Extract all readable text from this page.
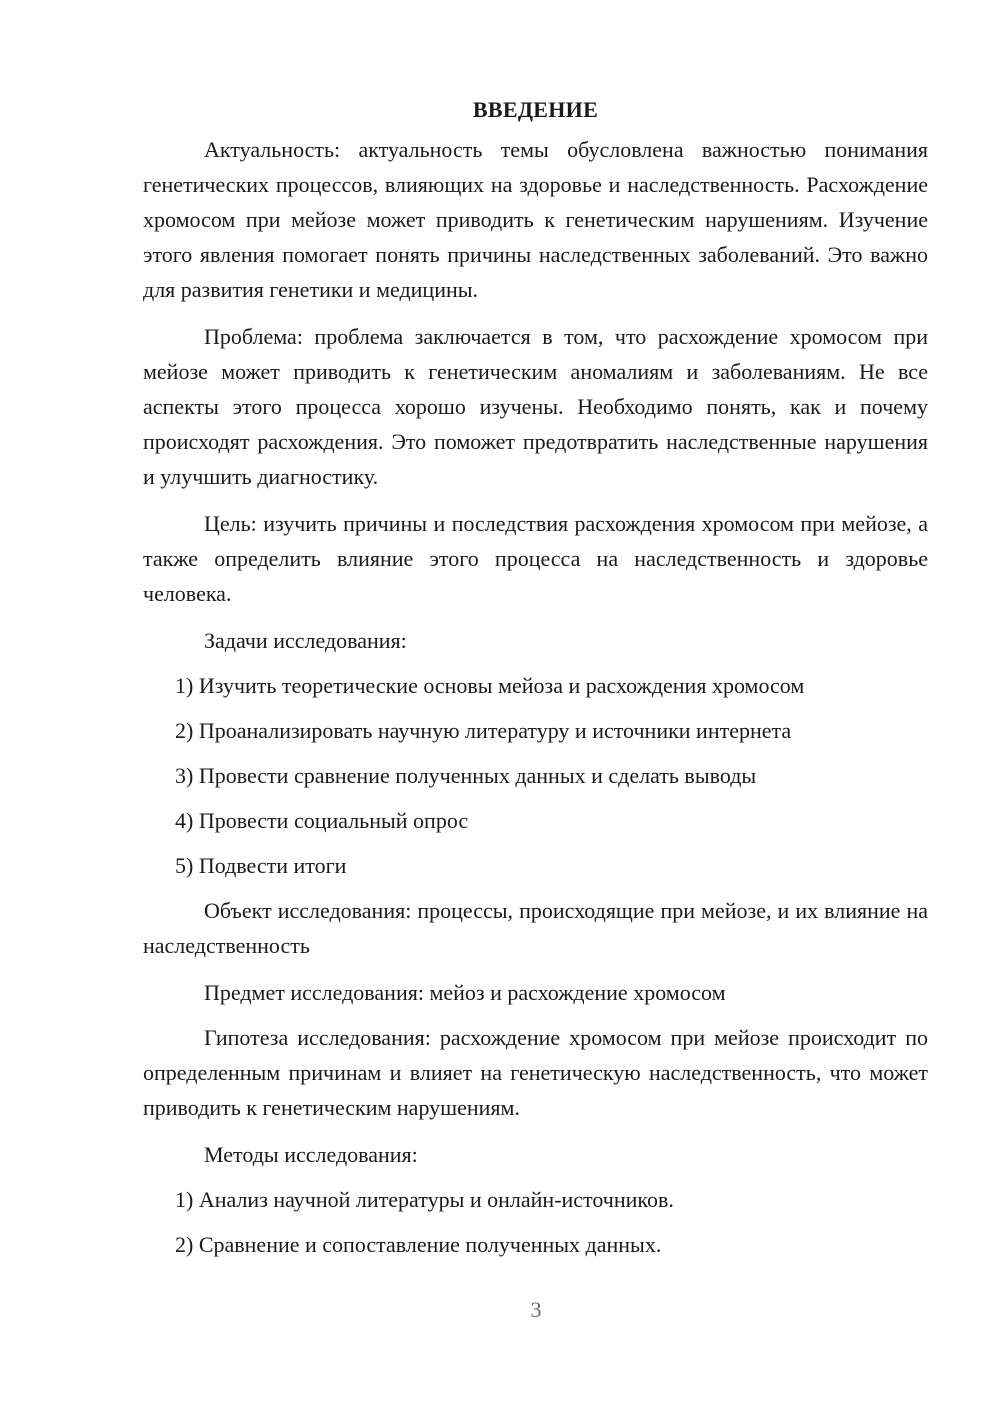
ВВЕДЕНИЕ

Актуальность: актуальность темы обусловлена важностью понимания генетических процессов, влияющих на здоровье и наследственность. Расхождение хромосом при мейозе может приводить к генетическим нарушениям. Изучение этого явления помогает понять причины наследственных заболеваний. Это важно для развития генетики и медицины.

Проблема: проблема заключается в том, что расхождение хромосом при мейозе может приводить к генетическим аномалиям и заболеваниям. Не все аспекты этого процесса хорошо изучены. Необходимо понять, как и почему происходят расхождения. Это поможет предотвратить наследственные нарушения и улучшить диагностику.

Цель: изучить причины и последствия расхождения хромосом при мейозе, а также определить влияние этого процесса на наследственность и здоровье человека.

Задачи исследования:

1) Изучить теоретические основы мейоза и расхождения хромосом
2) Проанализировать научную литературу и источники интернета
3) Провести сравнение полученных данных и сделать выводы
4) Провести социальный опрос
5) Подвести итоги

Объект исследования: процессы, происходящие при мейозе, и их влияние на наследственность

Предмет исследования: мейоз и расхождение хромосом

Гипотеза исследования: расхождение хромосом при мейозе происходит по определенным причинам и влияет на генетическую наследственность, что может приводить к генетическим нарушениям.

Методы исследования:

1) Анализ научной литературы и онлайн-источников.
2) Сравнение и сопоставление полученных данных.
3
